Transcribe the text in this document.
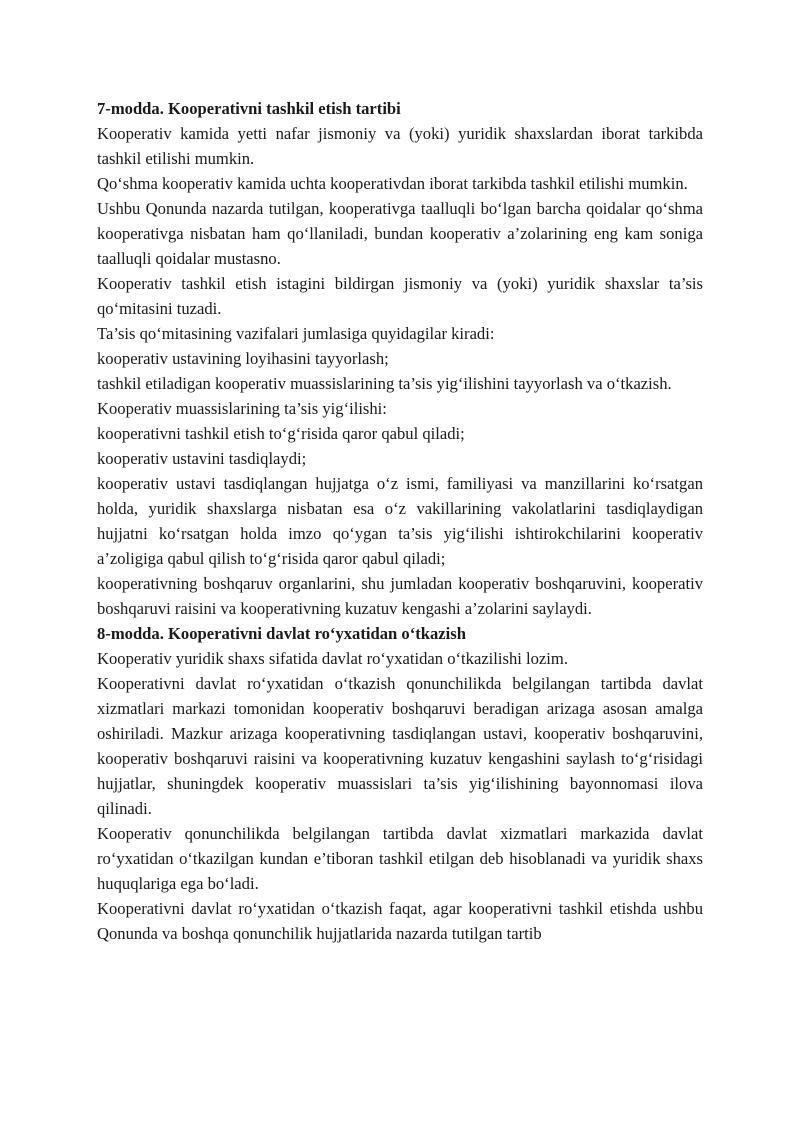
7-modda. Kooperativni tashkil etish tartibi

Kooperativ kamida yetti nafar jismoniy va (yoki) yuridik shaxslardan iborat tarkibda tashkil etilishi mumkin.

Qo‘shma kooperativ kamida uchta kooperativdan iborat tarkibda tashkil etilishi mumkin.

Ushbu Qonunda nazarda tutilgan, kooperativga taalluqli bo‘lgan barcha qoidalar qo‘shma kooperativga nisbatan ham qo‘llaniladi, bundan kooperativ a’zolarining eng kam soniga taalluqli qoidalar mustasno.

Kooperativ tashkil etish istagini bildirgan jismoniy va (yoki) yuridik shaxslar ta’sis qo‘mitasini tuzadi.

Ta’sis qo‘mitasining vazifalari jumlasiga quyidagilar kiradi:

kooperativ ustavining loyihasini tayyorlash;

tashkil etiladigan kooperativ muassislarining ta’sis yig‘ilishini tayyorlash va o‘tkazish.

Kooperativ muassislarining ta’sis yig‘ilishi:

kooperativni tashkil etish to‘g‘risida qaror qabul qiladi;

kooperativ ustavini tasdiqlaydi;

kooperativ ustavi tasdiqlangan hujjatga o‘z ismi, familiyasi va manzillarini ko‘rsatgan holda, yuridik shaxslarga nisbatan esa o‘z vakillarining vakolatlarini tasdiqlaydigan hujjatni ko‘rsatgan holda imzo qo‘ygan ta’sis yig‘ilishi ishtirokchilarini kooperativ a’zoligiga qabul qilish to‘g‘risida qaror qabul qiladi;

kooperativning boshqaruv organlarini, shu jumladan kooperativ boshqaruvini, kooperativ boshqaruvi raisini va kooperativning kuzatuv kengashi a’zolarini saylaydi.

8-modda. Kooperativni davlat ro‘yxatidan o‘tkazish

Kooperativ yuridik shaxs sifatida davlat ro‘yxatidan o‘tkazilishi lozim.

Kooperativni davlat ro‘yxatidan o‘tkazish qonunchilikda belgilangan tartibda davlat xizmatlari markazi tomonidan kooperativ boshqaruvi beradigan arizaga asosan amalga oshiriladi. Mazkur arizaga kooperativning tasdiqlangan ustavi, kooperativ boshqaruvini, kooperativ boshqaruvi raisini va kooperativning kuzatuv kengashini saylash to‘g‘risidagi hujjatlar, shuningdek kooperativ muassislari ta’sis yig‘ilishining bayonnomasi ilova qilinadi.

Kooperativ qonunchilikda belgilangan tartibda davlat xizmatlari markazida davlat ro‘yxatidan o‘tkazilgan kundan e’tiboran tashkil etilgan deb hisoblanadi va yuridik shaxs huquqlariga ega bo‘ladi.

Kooperativni davlat ro‘yxatidan o‘tkazish faqat, agar kooperativni tashkil etishda ushbu Qonunda va boshqa qonunchilik hujjatlarida nazarda tutilgan tartib
